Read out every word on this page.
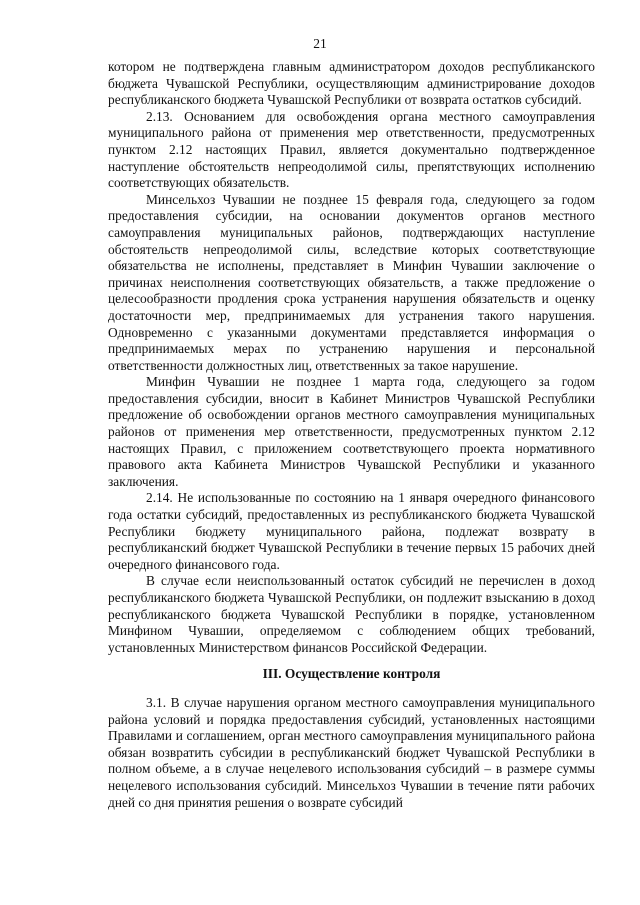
21

котором не подтверждена главным администратором доходов республиканского бюджета Чувашской Республики, осуществляющим администрирование доходов республиканского бюджета Чувашской Республики от возврата остатков субсидий.

2.13. Основанием для освобождения органа местного самоуправления муниципального района от применения мер ответственности, предусмотренных пунктом 2.12 настоящих Правил, является документально подтвержденное наступление обстоятельств непреодолимой силы, препятствующих исполнению соответствующих обязательств.

Минсельхоз Чувашии не позднее 15 февраля года, следующего за годом предоставления субсидии, на основании документов органов местного самоуправления муниципальных районов, подтверждающих наступление обстоятельств непреодолимой силы, вследствие которых соответствующие обязательства не исполнены, представляет в Минфин Чувашии заключение о причинах неисполнения соответствующих обязательств, а также предложение о целесообразности продления срока устранения нарушения обязательств и оценку достаточности мер, предпринимаемых для устранения такого нарушения. Одновременно с указанными документами представляется информация о предпринимаемых мерах по устранению нарушения и персональной ответственности должностных лиц, ответственных за такое нарушение.

Минфин Чувашии не позднее 1 марта года, следующего за годом предоставления субсидии, вносит в Кабинет Министров Чувашской Республики предложение об освобождении органов местного самоуправления муниципальных районов от применения мер ответственности, предусмотренных пунктом 2.12 настоящих Правил, с приложением соответствующего проекта нормативного правового акта Кабинета Министров Чувашской Республики и указанного заключения.

2.14. Не использованные по состоянию на 1 января очередного финансового года остатки субсидий, предоставленных из республиканского бюджета Чувашской Республики бюджету муниципального района, подлежат возврату в республиканский бюджет Чувашской Республики в течение первых 15 рабочих дней очередного финансового года.

В случае если неиспользованный остаток субсидий не перечислен в доход республиканского бюджета Чувашской Республики, он подлежит взысканию в доход республиканского бюджета Чувашской Республики в порядке, установленном Минфином Чувашии, определяемом с соблюдением общих требований, установленных Министерством финансов Российской Федерации.

III. Осуществление контроля

3.1. В случае нарушения органом местного самоуправления муниципального района условий и порядка предоставления субсидий, установленных настоящими Правилами и соглашением, орган местного самоуправления муниципального района обязан возвратить субсидии в республиканский бюджет Чувашской Республики в полном объеме, а в случае нецелевого использования субсидий – в размере суммы нецелевого использования субсидий. Минсельхоз Чувашии в течение пяти рабочих дней со дня принятия решения о возврате субсидий
